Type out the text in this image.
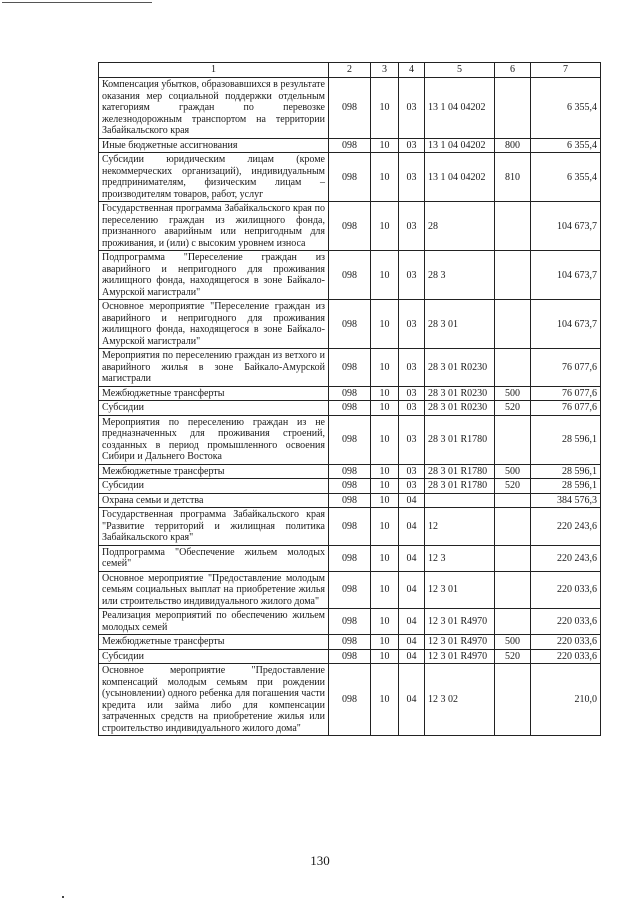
1	2	3	4	5	6	7
Компенсация убытков, образовавшихся в результате оказания мер социальной поддержки отдельным категориям граждан по перевозке железнодорожным транспортом на территории Забайкальского края	098	10	03	13 1 04 04202		6 355,4
Иные бюджетные ассигнования	098	10	03	13 1 04 04202	800	6 355,4
Субсидии юридическим лицам (кроме некоммерческих организаций), индивидуальным предпринимателям, физическим лицам – производителям товаров, работ, услуг	098	10	03	13 1 04 04202	810	6 355,4
Государственная программа Забайкальского края по переселению граждан из жилищного фонда, признанного аварийным или непригодным для проживания, и (или) с высоким уровнем износа	098	10	03	28		104 673,7
Подпрограмма "Переселение граждан из аварийного и непригодного для проживания жилищного фонда, находящегося в зоне Байкало-Амурской магистрали"	098	10	03	28 3		104 673,7
Основное мероприятие "Переселение граждан из аварийного и непригодного для проживания жилищного фонда, находящегося в зоне Байкало-Амурской магистрали"	098	10	03	28 3 01		104 673,7
Мероприятия по переселению граждан из ветхого и аварийного жилья в зоне Байкало-Амурской магистрали	098	10	03	28 3 01 R0230		76 077,6
Межбюджетные трансферты	098	10	03	28 3 01 R0230	500	76 077,6
Субсидии	098	10	03	28 3 01 R0230	520	76 077,6
Мероприятия по переселению граждан из не предназначенных для проживания строений, созданных в период промышленного освоения Сибири и Дальнего Востока	098	10	03	28 3 01 R1780		28 596,1
Межбюджетные трансферты	098	10	03	28 3 01 R1780	500	28 596,1
Субсидии	098	10	03	28 3 01 R1780	520	28 596,1
Охрана семьи и детства	098	10	04			384 576,3
Государственная программа Забайкальского края "Развитие территорий и жилищная политика Забайкальского края"	098	10	04	12		220 243,6
Подпрограмма "Обеспечение жильем молодых семей"	098	10	04	12 3		220 243,6
Основное мероприятие "Предоставление молодым семьям социальных выплат на приобретение жилья или строительство индивидуального жилого дома"	098	10	04	12 3 01		220 033,6
Реализация мероприятий по обеспечению жильем молодых семей	098	10	04	12 3 01 R4970		220 033,6
Межбюджетные трансферты	098	10	04	12 3 01 R4970	500	220 033,6
Субсидии	098	10	04	12 3 01 R4970	520	220 033,6
Основное мероприятие "Предоставление компенсаций молодым семьям при рождении (усыновлении) одного ребенка для погашения части кредита или займа либо для компенсации затраченных средств на приобретение жилья или строительство индивидуального жилого дома"	098	10	04	12 3 02		210,0
130
